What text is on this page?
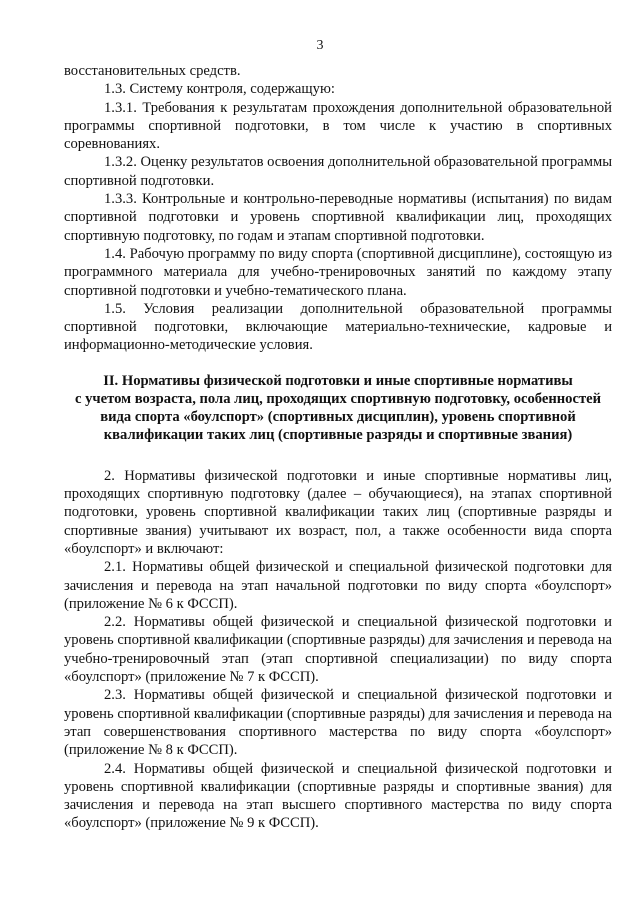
3

восстановительных средств.

1.3. Систему контроля, содержащую:

1.3.1. Требования к результатам прохождения дополнительной образовательной программы спортивной подготовки, в том числе к участию в спортивных соревнованиях.

1.3.2. Оценку результатов освоения дополнительной образовательной программы спортивной подготовки.

1.3.3. Контрольные и контрольно-переводные нормативы (испытания) по видам спортивной подготовки и уровень спортивной квалификации лиц, проходящих спортивную подготовку, по годам и этапам спортивной подготовки.

1.4. Рабочую программу по виду спорта (спортивной дисциплине), состоящую из программного материала для учебно-тренировочных занятий по каждому этапу спортивной подготовки и учебно-тематического плана.

1.5. Условия реализации дополнительной образовательной программы спортивной подготовки, включающие материально-технические, кадровые и информационно-методические условия.

II. Нормативы физической подготовки и иные спортивные нормативы
с учетом возраста, пола лиц, проходящих спортивную подготовку, особенностей
вида спорта «боулспорт» (спортивных дисциплин), уровень спортивной
квалификации таких лиц (спортивные разряды и спортивные звания)

2. Нормативы физической подготовки и иные спортивные нормативы лиц, проходящих спортивную подготовку (далее – обучающиеся), на этапах спортивной подготовки, уровень спортивной квалификации таких лиц (спортивные разряды и спортивные звания) учитывают их возраст, пол, а также особенности вида спорта «боулспорт» и включают:

2.1. Нормативы общей физической и специальной физической подготовки для зачисления и перевода на этап начальной подготовки по виду спорта «боулспорт» (приложение № 6 к ФССП).

2.2. Нормативы общей физической и специальной физической подготовки и уровень спортивной квалификации (спортивные разряды) для зачисления и перевода на учебно-тренировочный этап (этап спортивной специализации) по виду спорта «боулспорт» (приложение № 7 к ФССП).

2.3. Нормативы общей физической и специальной физической подготовки и уровень спортивной квалификации (спортивные разряды) для зачисления и перевода на этап совершенствования спортивного мастерства по виду спорта «боулспорт» (приложение № 8 к ФССП).

2.4. Нормативы общей физической и специальной физической подготовки и уровень спортивной квалификации (спортивные разряды и спортивные звания) для зачисления и перевода на этап высшего спортивного мастерства по виду спорта «боулспорт» (приложение № 9 к ФССП).
